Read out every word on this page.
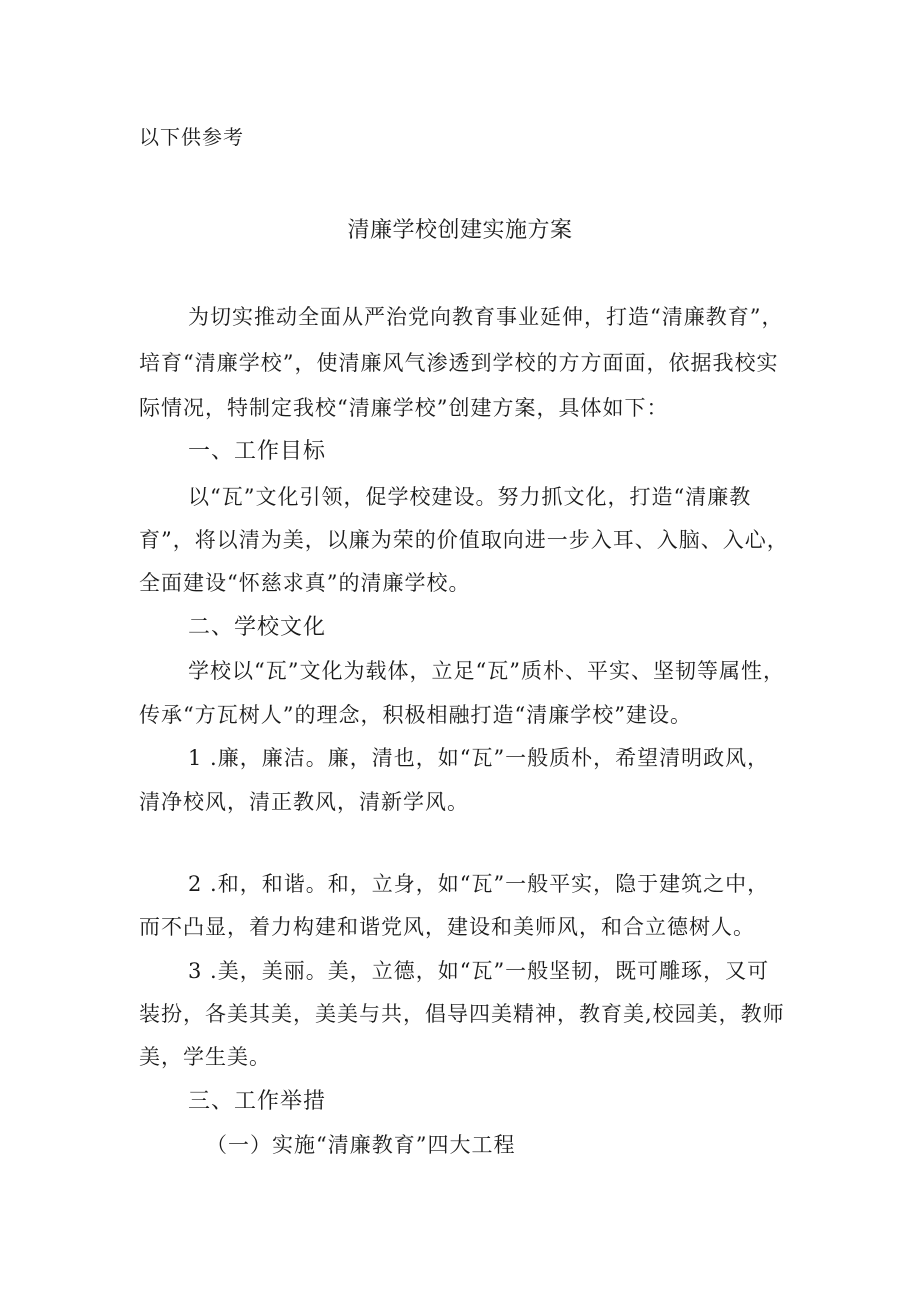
以下供参考
清廉学校创建实施方案
为切实推动全面从严治党向教育事业延伸，打造“清廉教育”，
培育“清廉学校”，使清廉风气渗透到学校的方方面面，依据我校实
际情况，特制定我校“清廉学校”创建方案，具体如下：
一、工作目标
以“瓦”文化引领，促学校建设。努力抓文化，打造“清廉教
育”，将以清为美，以廉为荣的价值取向进一步入耳、入脑、入心，
全面建设“怀慈求真”的清廉学校。
二、学校文化
学校以“瓦”文化为载体，立足“瓦”质朴、平实、坚韧等属性，
传承“方瓦树人”的理念，积极相融打造“清廉学校”建设。
1 .廉，廉洁。廉，清也，如“瓦”一般质朴，希望清明政风，
清净校风，清正教风，清新学风。
2 .和，和谐。和，立身，如“瓦”一般平实，隐于建筑之中，
而不凸显，着力构建和谐党风，建设和美师风，和合立德树人。
3 .美，美丽。美，立德，如“瓦”一般坚韧，既可雕琢，又可
装扮，各美其美，美美与共，倡导四美精神，教育美,校园美，教师
美，学生美。
三、工作举措
（一）实施“清廉教育”四大工程
